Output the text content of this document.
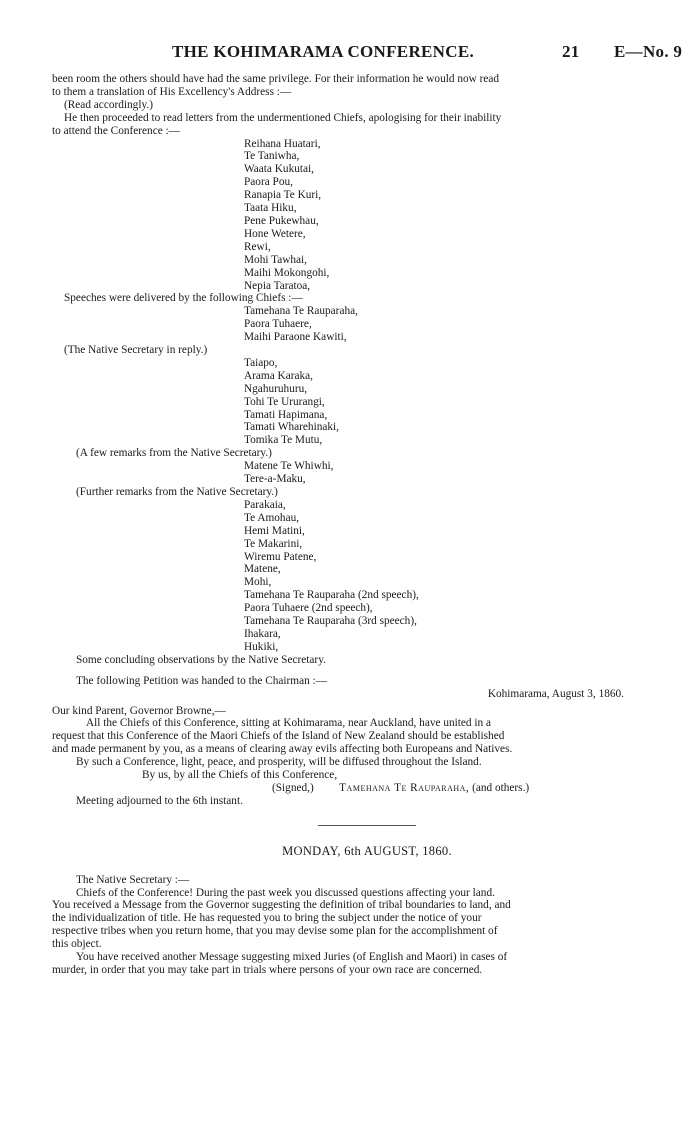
THE KOHIMARAMA CONFERENCE.	21 E—No. 9
been room the others should have had the same privilege. For their information he would now read
to them a translation of His Excellency's Address :—
(Read accordingly.)
He then proceeded to read letters from the undermentioned Chiefs, apologising for their inability
to attend the Conference :—
Reihana Huatari,
Te Taniwha,
Waata Kukutai,
Paora Pou,
Ranapia Te Kuri,
Taata Hiku,
Pene Pukewhau,
Hone Wetere,
Rewi,
Mohi Tawhai,
Maihi Mokongohi,
Nepia Taratoa,
Speeches were delivered by the following Chiefs :—
Tamehana Te Rauparaha,
Paora Tuhaere,
Maihi Paraone Kawiti,
(The Native Secretary in reply.)
Taiapo,
Arama Karaka,
Ngahuruhuru,
Tohi Te Ururangi,
Tamati Hapimana,
Tamati Wharehinaki,
Tomika Te Mutu,
(A few remarks from the Native Secretary.)
Matene Te Whiwhi,
Tere-a-Maku,
(Further remarks from the Native Secretary.)
Parakaia,
Te Amohau,
Hemi Matini,
Te Makarini,
Wiremu Patene,
Matene,
Mohi,
Tamehana Te Rauparaha (2nd speech),
Paora Tuhaere (2nd speech),
Tamehana Te Rauparaha (3rd speech),
Ihakara,
Hukiki,
Some concluding observations by the Native Secretary.
The following Petition was handed to the Chairman :—
Kohimarama, August 3, 1860.
Our kind Parent, Governor Browne,—
All the Chiefs of this Conference, sitting at Kohimarama, near Auckland, have united in a
request that this Conference of the Maori Chiefs of the Island of New Zealand should be established
and made permanent by you, as a means of clearing away evils affecting both Europeans and Natives.
By such a Conference, light, peace, and prosperity, will be diffused throughout the Island.
By us, by all the Chiefs of this Conference,
(Signed,) Tamehana Te Rauparaha, (and others.)
Meeting adjourned to the 6th instant.
MONDAY, 6th AUGUST, 1860.
The Native Secretary :—
Chiefs of the Conference! During the past week you discussed questions affecting your land.
You received a Message from the Governor suggesting the definition of tribal boundaries to land, and
the individualization of title. He has requested you to bring the subject under the notice of your
respective tribes when you return home, that you may devise some plan for the accomplishment of
this object.
You have received another Message suggesting mixed Juries (of English and Maori) in cases of
murder, in order that you may take part in trials where persons of your own race are concerned.
